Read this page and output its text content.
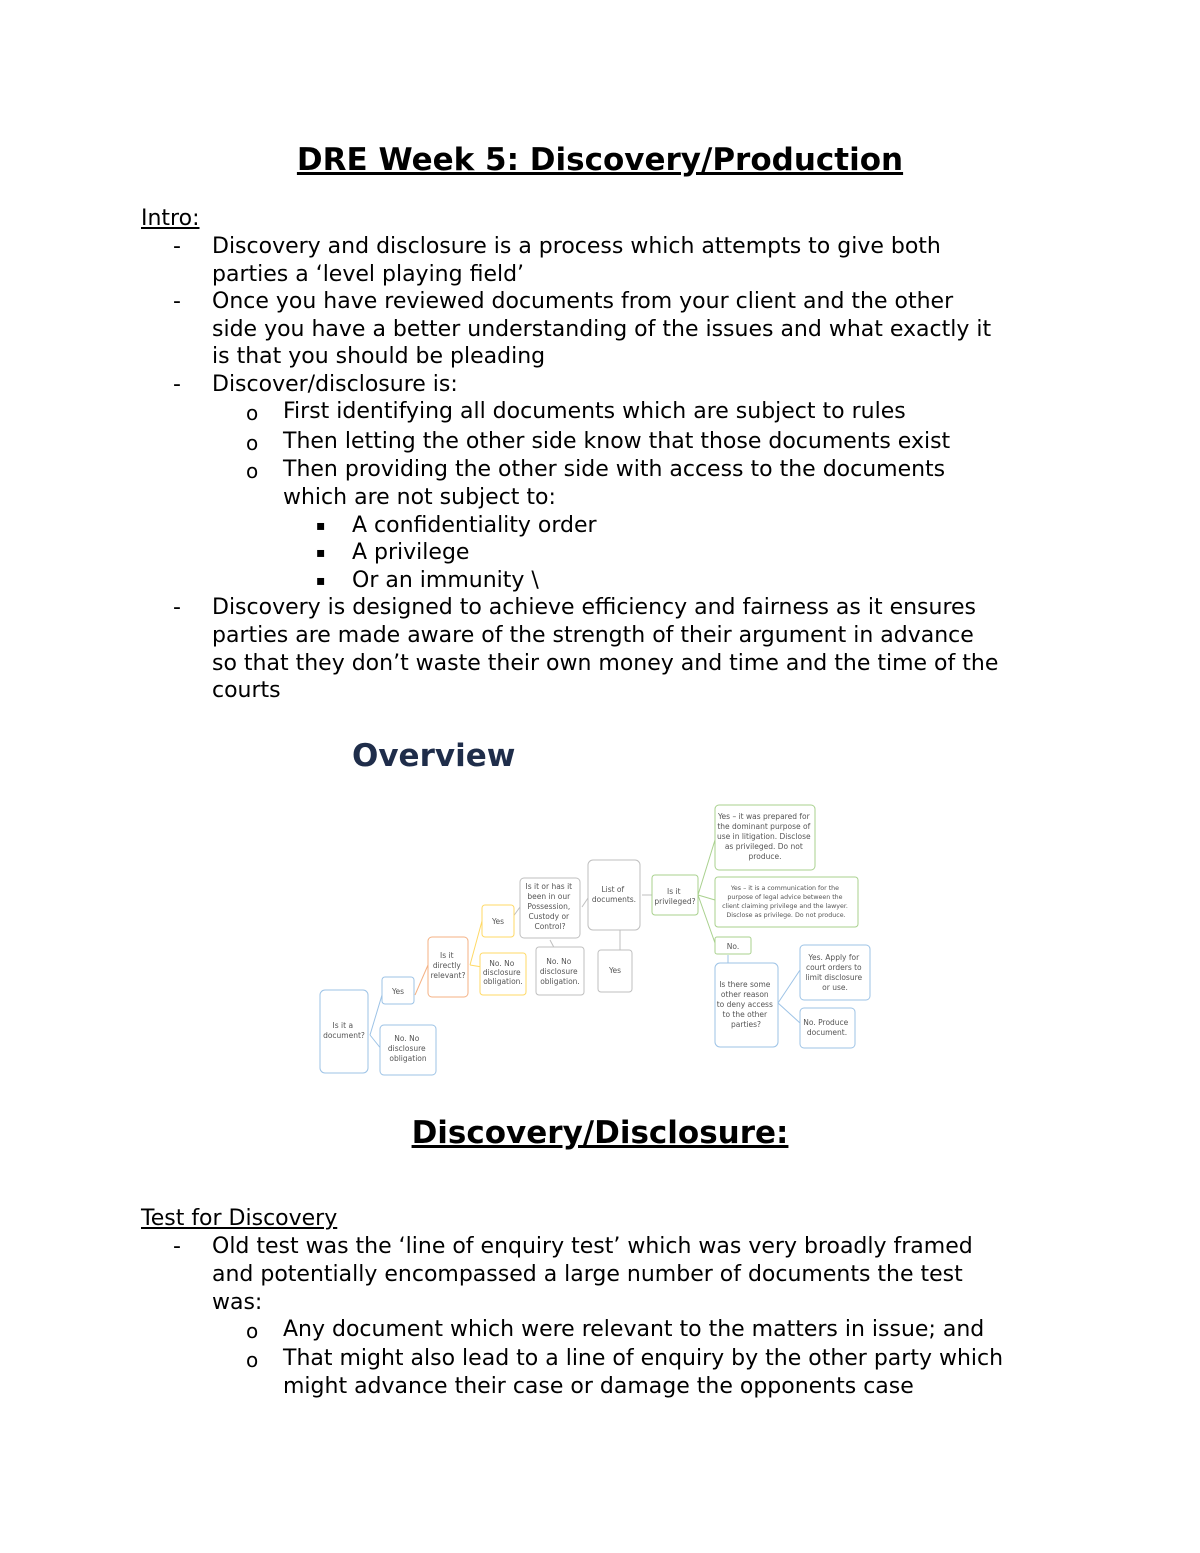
DRE Week 5: Discovery/Production
Intro:
- Discovery and disclosure is a process which attempts to give both
parties a ‘level playing field’
- Once you have reviewed documents from your client and the other
side you have a better understanding of the issues and what exactly it
is that you should be pleading
- Discover/disclosure is:
o First identifying all documents which are subject to rules
o Then letting the other side know that those documents exist
o Then providing the other side with access to the documents
which are not subject to:
▪ A confidentiality order
▪ A privilege
▪ Or an immunity \
- Discovery is designed to achieve efficiency and fairness as it ensures
parties are made aware of the strength of their argument in advance
so that they don’t waste their own money and time and the time of the
courts
Overview
Is it a document?
Yes
No. No disclosure obligation
Is it directly relevant?
Yes
No. No disclosure obligation.
Is it or has it been in our Possession, Custody or Control?
No. No disclosure obligation.
List of documents.
Yes
Is it privileged?
Yes – it was prepared for the dominant purpose of use in litigation. Disclose as privileged. Do not produce.
Yes – it is a communication for the purpose of legal advice between the client claiming privilege and the lawyer. Disclose as privilege. Do not produce.
No.
Is there some other reason to deny access to the other parties?
Yes. Apply for court orders to limit disclosure or use.
No. Produce document.
Discovery/Disclosure:
Test for Discovery
- Old test was the ‘line of enquiry test’ which was very broadly framed
and potentially encompassed a large number of documents the test
was:
o Any document which were relevant to the matters in issue; and
o That might also lead to a line of enquiry by the other party which
might advance their case or damage the opponents case
